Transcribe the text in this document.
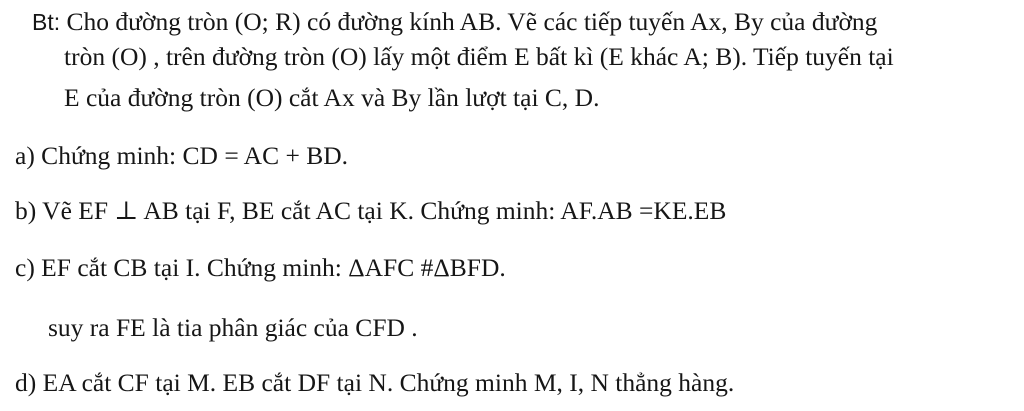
Bt: Cho đường tròn (O; R) có đường kính AB. Vẽ các tiếp tuyến Ax, By của đường
tròn (O) , trên đường tròn (O) lấy một điểm E bất kì (E khác A; B). Tiếp tuyến tại
E của đường tròn (O) cắt Ax và By lần lượt tại C, D.
a) Chứng minh: CD = AC + BD.
b) Vẽ EF ⊥ AB tại F, BE cắt AC tại K. Chứng minh: AF.AB =KE.EB
c) EF cắt CB tại I. Chứng minh: ΔAFC #ΔBFD.
suy ra FE là tia phân giác của CFD .
d) EA cắt CF tại M. EB cắt DF tại N. Chứng minh M, I, N thẳng hàng.
